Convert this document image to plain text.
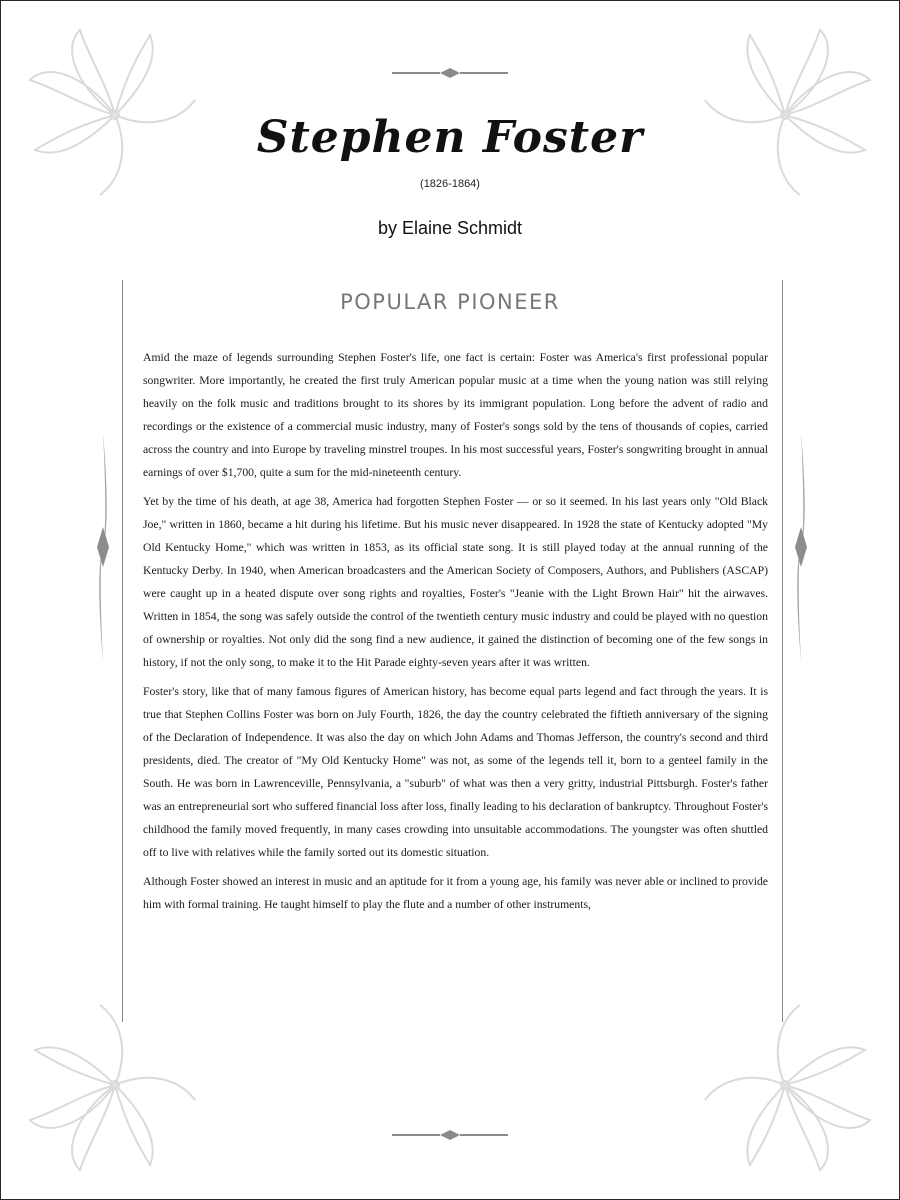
Stephen Foster
(1826-1864)
by Elaine Schmidt
POPULAR PIONEER

Amid the maze of legends surrounding Stephen Foster's life, one fact is certain: Foster was America's first professional popular songwriter. More importantly, he created the first truly American popular music at a time when the young nation was still relying heavily on the folk music and traditions brought to its shores by its immigrant population. Long before the advent of radio and recordings or the existence of a commercial music industry, many of Foster's songs sold by the tens of thousands of copies, carried across the country and into Europe by traveling minstrel troupes. In his most successful years, Foster's songwriting brought in annual earnings of over $1,700, quite a sum for the mid-nineteenth century.

Yet by the time of his death, at age 38, America had forgotten Stephen Foster — or so it seemed. In his last years only "Old Black Joe," written in 1860, became a hit during his lifetime. But his music never disappeared. In 1928 the state of Kentucky adopted "My Old Kentucky Home," which was written in 1853, as its official state song. It is still played today at the annual running of the Kentucky Derby. In 1940, when American broadcasters and the American Society of Composers, Authors, and Publishers (ASCAP) were caught up in a heated dispute over song rights and royalties, Foster's "Jeanie with the Light Brown Hair" hit the airwaves. Written in 1854, the song was safely outside the control of the twentieth century music industry and could be played with no question of ownership or royalties. Not only did the song find a new audience, it gained the distinction of becoming one of the few songs in history, if not the only song, to make it to the Hit Parade eighty-seven years after it was written.

Foster's story, like that of many famous figures of American history, has become equal parts legend and fact through the years. It is true that Stephen Collins Foster was born on July Fourth, 1826, the day the country celebrated the fiftieth anniversary of the signing of the Declaration of Independence. It was also the day on which John Adams and Thomas Jefferson, the country's second and third presidents, died. The creator of "My Old Kentucky Home" was not, as some of the legends tell it, born to a genteel family in the South. He was born in Lawrenceville, Pennsylvania, a "suburb" of what was then a very gritty, industrial Pittsburgh. Foster's father was an entrepreneurial sort who suffered financial loss after loss, finally leading to his declaration of bankruptcy. Throughout Foster's childhood the family moved frequently, in many cases crowding into unsuitable accommodations. The youngster was often shuttled off to live with relatives while the family sorted out its domestic situation.

Although Foster showed an interest in music and an aptitude for it from a young age, his family was never able or inclined to provide him with formal training. He taught himself to play the flute and a number of other instruments,
